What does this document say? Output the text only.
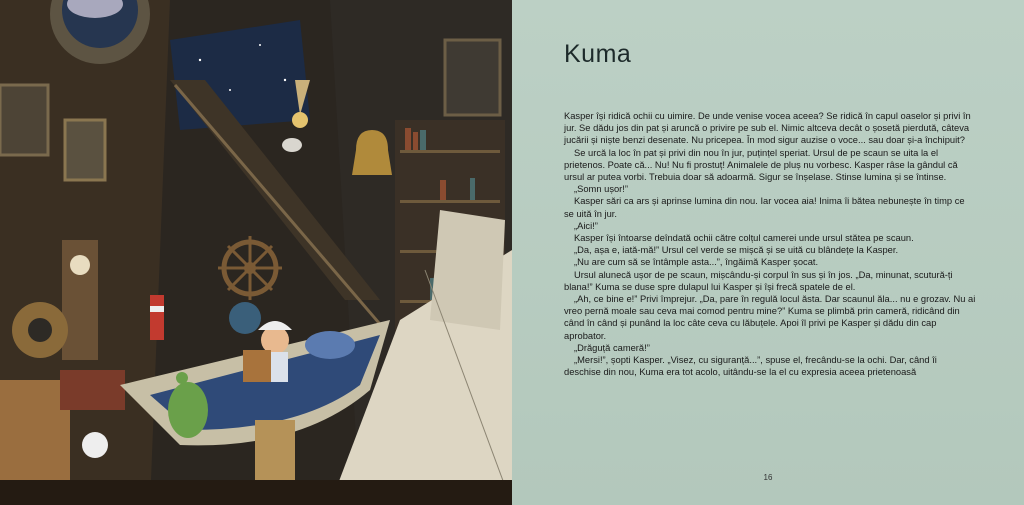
Kuma

Kasper își ridică ochii cu uimire. De unde venise vocea aceea? Se ridică în capul oaselor și privi în jur. Se dădu jos din pat și aruncă o privire pe sub el. Nimic altceva decât o șosetă pierdută, câteva jucării și niște benzi desenate. Nu pricepea. În mod sigur auzise o voce... sau doar și-a închipuit?

Se urcă la loc în pat și privi din nou în jur, puțințel speriat. Ursul de pe scaun se uita la el prietenos. Poate că... Nu! Nu fi prostuț! Animalele de pluș nu vorbesc. Kasper râse la gândul că ursul ar putea vorbi. Trebuia doar să adoarmă. Sigur se înșelase. Stinse lumina și se întinse.

„Somn ușor!”

Kasper sări ca ars și aprinse lumina din nou. Iar vocea aia! Inima îi bătea nebunește în timp ce se uită în jur.

„Aici!”

Kasper își întoarse deîndată ochii către colțul camerei unde ursul stătea pe scaun.

„Da, așa e, iată-mă!” Ursul cel verde se mișcă și se uită cu blândețe la Kasper.

„Nu are cum să se întâmple asta...”, îngăimă Kasper șocat.

Ursul alunecă ușor de pe scaun, mișcându-și corpul în sus și în jos. „Da, minunat, scutură-ți blana!” Kuma se duse spre dulapul lui Kasper și își frecă spatele de el.

„Ah, ce bine e!” Privi împrejur. „Da, pare în regulă locul ăsta. Dar scaunul ăla... nu e grozav. Nu ai vreo pernă moale sau ceva mai comod pentru mine?” Kuma se plimbă prin cameră, ridicând din când în când și punând la loc câte ceva cu lăbuțele. Apoi îl privi pe Kasper și dădu din cap aprobator.

„Drăguță cameră!”

„Mersi!”, șopti Kasper. „Visez, cu siguranță...”, spuse el, frecându-se la ochi. Dar, când îi deschise din nou, Kuma era tot acolo, uitându-se la el cu expresia aceea prietenoasă

16
